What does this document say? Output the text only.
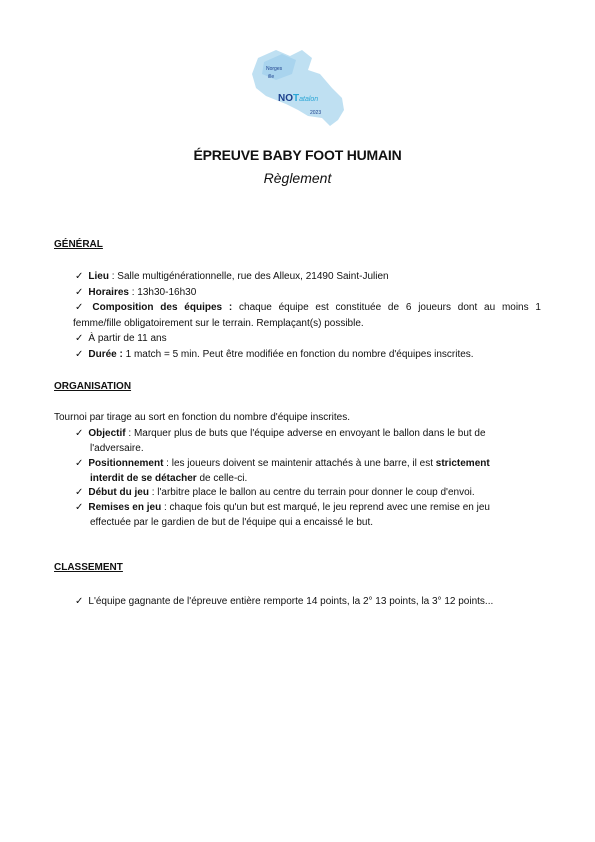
Norges
ille
NOTatalon
2023
ÉPREUVE BABY FOOT HUMAIN
Règlement
GÉNÉRAL
✓ Lieu : Salle multigénérationnelle, rue des Alleux, 21490 Saint-Julien
✓ Horaires : 13h30-16h30
✓ Composition des équipes : chaque équipe est constituée de 6 joueurs dont au moins 1
femme/fille obligatoirement sur le terrain. Remplaçant(s) possible.
✓ À partir de 11 ans
✓ Durée : 1 match = 5 min. Peut être modifiée en fonction du nombre d'équipes inscrites.
ORGANISATION
Tournoi par tirage au sort en fonction du nombre d'équipe inscrites.
✓ Objectif : Marquer plus de buts que l'équipe adverse en envoyant le ballon dans le but de
l'adversaire.
✓ Positionnement : les joueurs doivent se maintenir attachés à une barre, il est strictement
interdit de se détacher de celle-ci.
✓ Début du jeu : l'arbitre place le ballon au centre du terrain pour donner le coup d'envoi.
✓ Remises en jeu : chaque fois qu'un but est marqué, le jeu reprend avec une remise en jeu
effectuée par le gardien de but de l'équipe qui a encaissé le but.
CLASSEMENT
✓ L'équipe gagnante de l'épreuve entière remporte 14 points, la 2° 13 points, la 3° 12 points...
